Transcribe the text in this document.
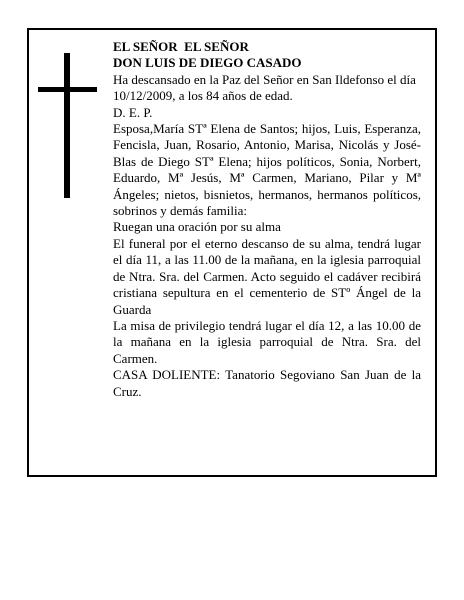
EL SEÑOR  EL SEÑOR

DON LUIS DE DIEGO CASADO

Ha descansado en la Paz del Señor en San Ildefonso el día 10/12/2009, a los 84 años de edad.

D. E. P.

Esposa,María STª Elena de Santos; hijos, Luis, Esperanza, Fencisla, Juan, Rosario, Antonio, Marisa, Nicolás y José-Blas de Diego STª Elena; hijos políticos, Sonia, Norbert, Eduardo, Mª Jesús, Mª Carmen, Mariano, Pilar y Mª Ángeles; nietos, bisnietos, hermanos, hermanos políticos, sobrinos y demás familia:

Ruegan una oración por su alma

El funeral por el eterno descanso de su alma, tendrá lugar el día 11, a las 11.00 de la mañana, en la iglesia parroquial de Ntra. Sra. del Carmen. Acto seguido el cadáver recibirá cristiana sepultura en el cementerio de STº Ángel de la Guarda

La misa de privilegio tendrá lugar el día 12, a las 10.00 de la mañana en la iglesia parroquial de Ntra. Sra. del Carmen.

CASA DOLIENTE: Tanatorio Segoviano San Juan de la Cruz.
